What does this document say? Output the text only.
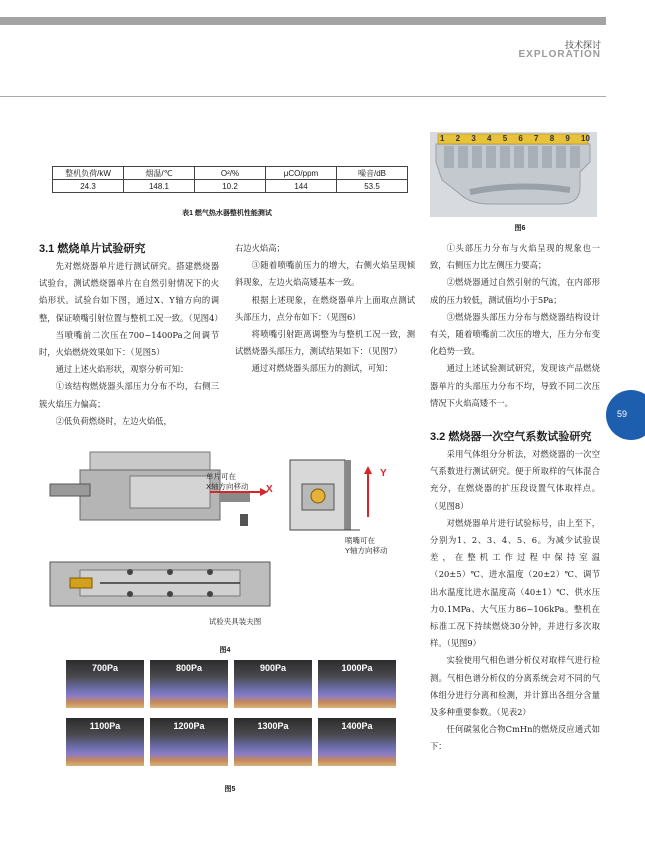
技术探讨
EXPLORATION
整机负荷/kW	烟温/℃	O²/%	μCO/ppm	噪音/dB
24.3	148.1	10.2	144	53.5
表1 燃气热水器整机性能测试
1 2 3 4 5 6 7 8 9 10
图6
3.1 燃烧单片试验研究

先对燃烧器单片进行测试研究。搭建燃烧器试验台，测试燃烧器单片在自然引射情况下的火焰形状。试验台如下图，通过X、Y轴方向的调整，保证喷嘴引射位置与整机工况一致。（见图4）

当喷嘴前二次压在700~1400Pa之间调节时，火焰燃烧效果如下：（见图5）

通过上述火焰形状，观察分析可知：

①该结构燃烧器头部压力分布不均，右侧三簇火焰压力偏高；

②低负荷燃烧时，左边火焰低，

右边火焰高；

③随着喷嘴前压力的增大，右侧火焰呈现倾斜现象，左边火焰高矮基本一致。

根据上述现象，在燃烧器单片上面取点测试头部压力，点分布如下：（见图6）

将喷嘴引射距离调整为与整机工况一致，测试燃烧器头部压力，测试结果如下：（见图7）

通过对燃烧器头部压力的测试，可知：

①头部压力分布与火焰呈现的规象也一致，右侧压力比左侧压力要高；

②燃烧器通过自然引射的气流，在内部形成的压力较低，测试值均小于5Pa；

③燃烧器头部压力分布与燃烧器结构设计有关，随着喷嘴前二次压的增大，压力分布变化趋势一致。

通过上述试验测试研究，发现该产品燃烧器单片的头部压力分布不均，导致不同二次压情况下火焰高矮不一。

59
3.2 燃烧器一次空气系数试验研究

采用气体组分分析法，对燃烧器的一次空气系数进行测试研究。便于所取样的气体混合充分，在燃烧器的扩压段设置气体取样点。（见图8）

对燃烧器单片进行试验标号，由上至下，分别为1、2、3、4、5、6。为减少试验误差，在整机工作过程中保持室温（20±5）℃、进水温度（20±2）℃、调节出水温度比进水温度高（40±1）℃、供水压力0.1MPa、大气压力86~106kPa。整机在标准工况下持续燃烧30分钟，并进行多次取样。（见图9）

实验使用气相色谱分析仪对取样气进行检测。气相色谱分析仪的分离系统会对不同的气体组分进行分离和检测，并计算出各组分含量及多种重要参数。（见表2）

任何碳氢化合物CmHn的燃烧反应通式如下：

单片可在
X轴方向移动 X
Y
喷嘴可在
Y轴方向移动
试验夹具装夫图
图4
700Pa	800Pa	900Pa	1000Pa
1100Pa	1200Pa	1300Pa	1400Pa
图5
